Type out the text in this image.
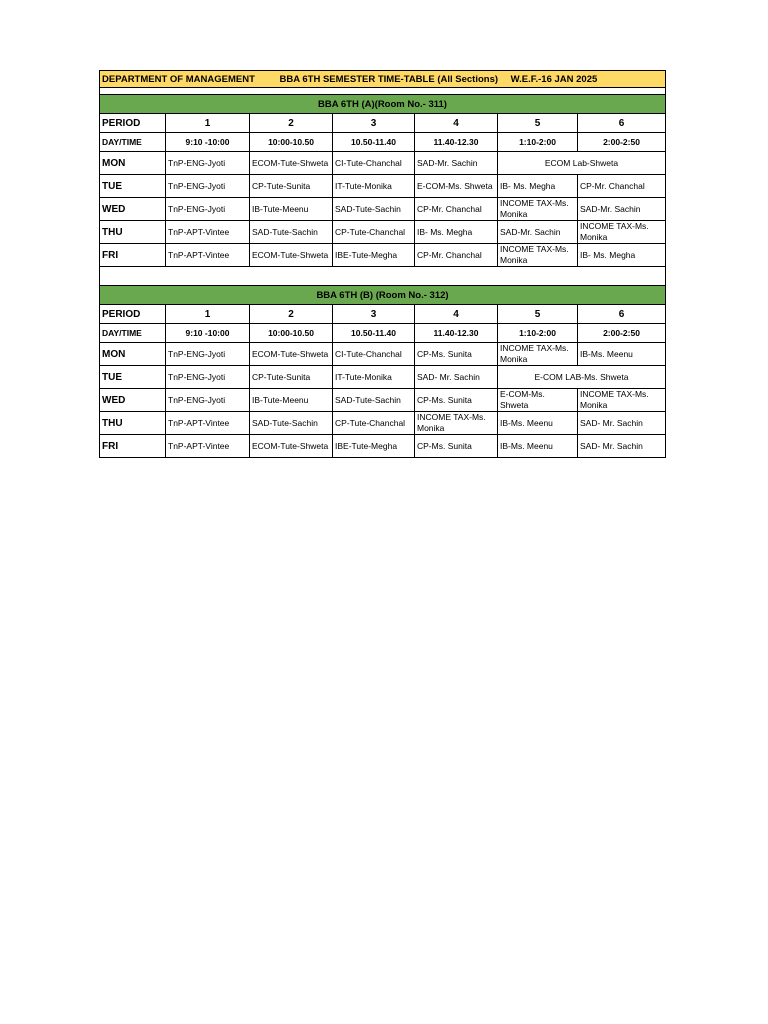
DEPARTMENT OF MANAGEMENT BBA 6TH SEMESTER TIME-TABLE (All Sections) W.E.F.-16 JAN 2025						

BBA 6TH (A)(Room No.- 311)						
PERIOD	1	2	3	4	5	6
DAY/TIME	9:10 -10:00	10:00-10.50	10.50-11.40	11.40-12.30	1:10-2:00	2:00-2:50
MON	TnP-ENG-Jyoti	ECOM-Tute-Shweta	CI-Tute-Chanchal	SAD-Mr. Sachin	ECOM Lab-Shweta	
TUE	TnP-ENG-Jyoti	CP-Tute-Sunita	IT-Tute-Monika	E-COM-Ms. Shweta	IB- Ms. Megha	CP-Mr. Chanchal
WED	TnP-ENG-Jyoti	IB-Tute-Meenu	SAD-Tute-Sachin	CP-Mr. Chanchal	INCOME TAX-Ms. Monika	SAD-Mr. Sachin
THU	TnP-APT-Vintee	SAD-Tute-Sachin	CP-Tute-Chanchal	IB- Ms. Megha	SAD-Mr. Sachin	INCOME TAX-Ms. Monika
FRI	TnP-APT-Vintee	ECOM-Tute-Shweta	IBE-Tute-Megha	CP-Mr. Chanchal	INCOME TAX-Ms. Monika	IB- Ms. Megha

BBA 6TH (B) (Room No.- 312)						
PERIOD	1	2	3	4	5	6
DAY/TIME	9:10 -10:00	10:00-10.50	10.50-11.40	11.40-12.30	1:10-2:00	2:00-2:50
MON	TnP-ENG-Jyoti	ECOM-Tute-Shweta	CI-Tute-Chanchal	CP-Ms. Sunita	INCOME TAX-Ms. Monika	IB-Ms. Meenu
TUE	TnP-ENG-Jyoti	CP-Tute-Sunita	IT-Tute-Monika	SAD- Mr. Sachin	E-COM LAB-Ms. Shweta	
WED	TnP-ENG-Jyoti	IB-Tute-Meenu	SAD-Tute-Sachin	CP-Ms. Sunita	E-COM-Ms. Shweta	INCOME TAX-Ms. Monika
THU	TnP-APT-Vintee	SAD-Tute-Sachin	CP-Tute-Chanchal	INCOME TAX-Ms. Monika	IB-Ms. Meenu	SAD- Mr. Sachin
FRI	TnP-APT-Vintee	ECOM-Tute-Shweta	IBE-Tute-Megha	CP-Ms. Sunita	IB-Ms. Meenu	SAD- Mr. Sachin
